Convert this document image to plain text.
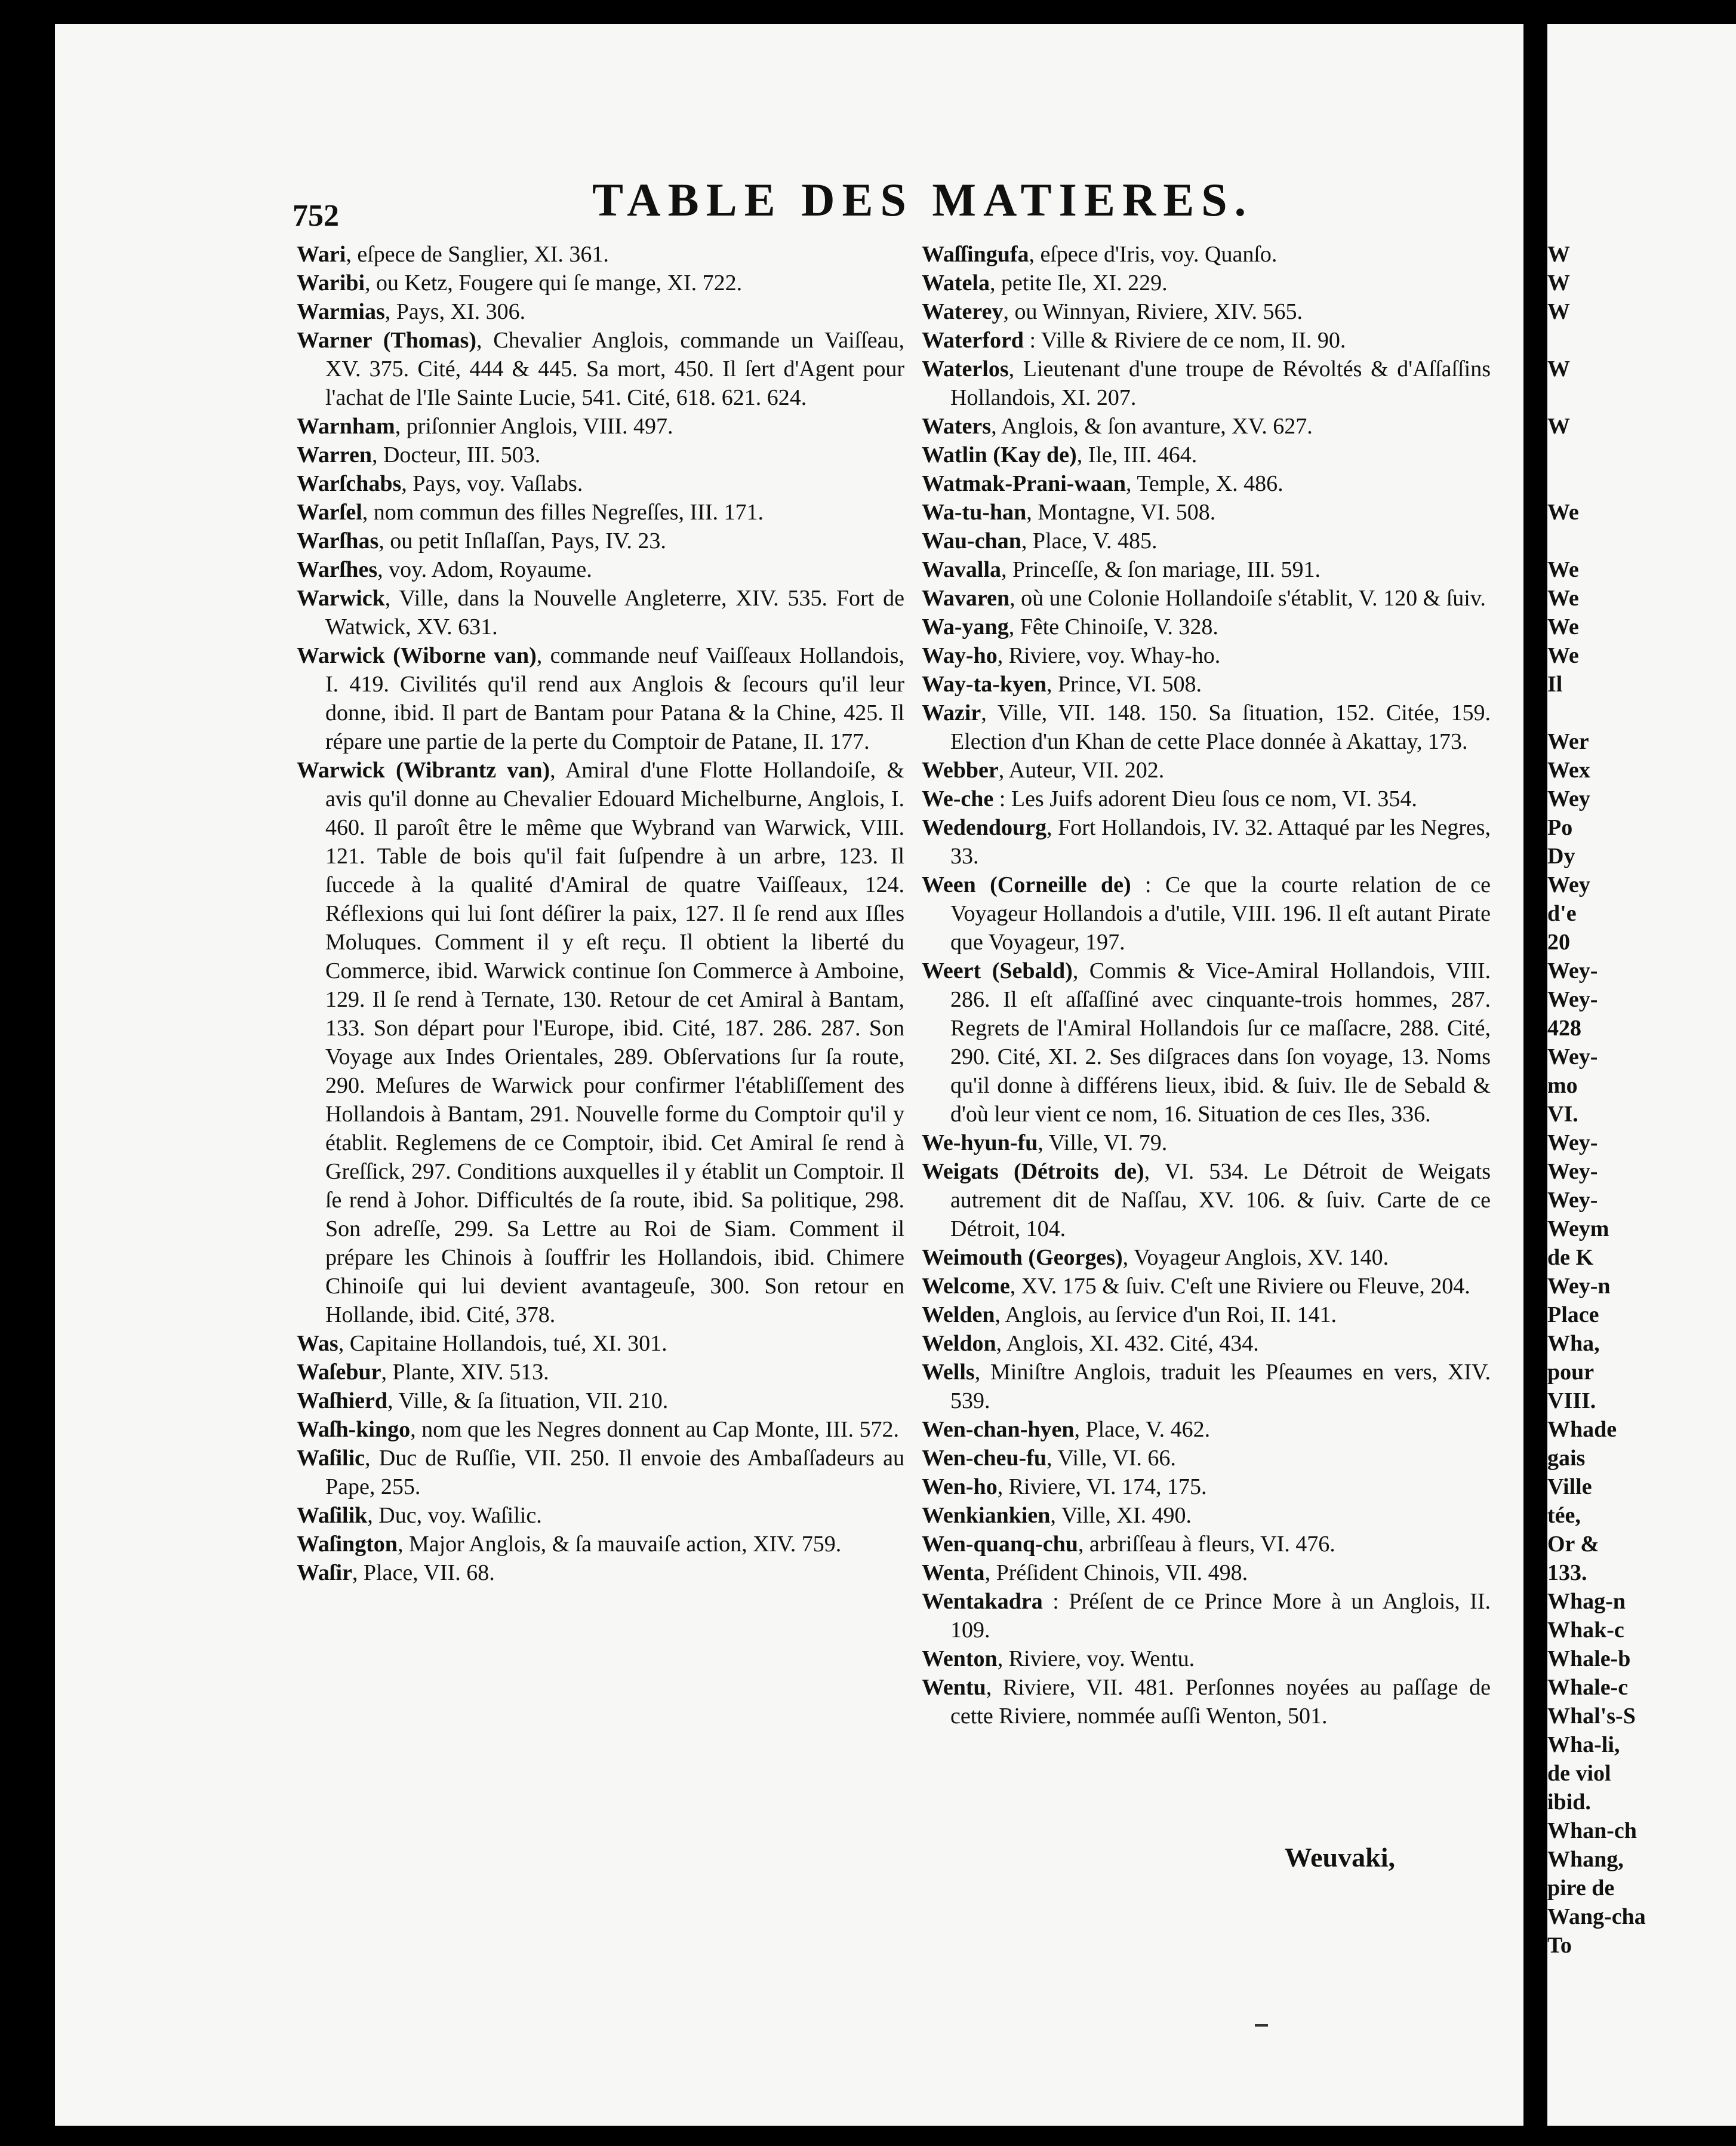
752	TABLE DES MATIERES.
Wari, eſpece de Sanglier, XI. 361.
Waribi, ou Ketz, Fougere qui ſe mange, XI. 722.
Warmias, Pays, XI. 306.
Warner (Thomas), Chevalier Anglois, commande un Vaiſſeau, XV. 375. Cité, 444 & 445. Sa mort, 450. Il ſert d'Agent pour l'achat de l'Ile Sainte Lucie, 541. Cité, 618. 621. 624.
Warnham, priſonnier Anglois, VIII. 497.
Warren, Docteur, III. 503.
Warſchabs, Pays, voy. Vaſlabs.
Warſel, nom commun des filles Negreſſes, III. 171.
Warſhas, ou petit Inſlaſſan, Pays, IV. 23.
Warſhes, voy. Adom, Royaume.
Warwick, Ville, dans la Nouvelle Angleterre, XIV. 535. Fort de Watwick, XV. 631.
Warwick (Wiborne van), commande neuf Vaiſſeaux Hollandois, I. 419. Civilités qu'il rend aux Anglois & ſecours qu'il leur donne, ibid. Il part de Bantam pour Patana & la Chine, 425. Il répare une partie de la perte du Comptoir de Patane, II. 177.
Warwick (Wibrantz van), Amiral d'une Flotte Hollandoiſe, & avis qu'il donne au Chevalier Edouard Michelburne, Anglois, I. 460. Il paroît être le même que Wybrand van Warwick, VIII. 121. Table de bois qu'il fait ſuſpendre à un arbre, 123. Il ſuccede à la qualité d'Amiral de quatre Vaiſſeaux, 124. Réflexions qui lui ſont déſirer la paix, 127. Il ſe rend aux Iſles Moluques. Comment il y eſt reçu. Il obtient la liberté du Commerce, ibid. Warwick continue ſon Commerce à Amboine, 129. Il ſe rend à Ternate, 130. Retour de cet Amiral à Bantam, 133. Son départ pour l'Europe, ibid. Cité, 187. 286. 287. Son Voyage aux Indes Orientales, 289. Obſervations ſur ſa route, 290. Meſures de Warwick pour confirmer l'établiſſement des Hollandois à Bantam, 291. Nouvelle forme du Comptoir qu'il y établit. Reglemens de ce Comptoir, ibid. Cet Amiral ſe rend à Greſſick, 297. Conditions auxquelles il y établit un Comptoir. Il ſe rend à Johor. Difficultés de ſa route, ibid. Sa politique, 298. Son adreſſe, 299. Sa Lettre au Roi de Siam. Comment il prépare les Chinois à ſouffrir les Hollandois, ibid. Chimere Chinoiſe qui lui devient avantageuſe, 300. Son retour en Hollande, ibid. Cité, 378.
Was, Capitaine Hollandois, tué, XI. 301.
Waſebur, Plante, XIV. 513.
Waſhierd, Ville, & ſa ſituation, VII. 210.
Waſh-kingo, nom que les Negres donnent au Cap Monte, III. 572.
Waſilic, Duc de Ruſſie, VII. 250. Il envoie des Ambaſſadeurs au Pape, 255.
Waſilik, Duc, voy. Waſilic.
Waſington, Major Anglois, & ſa mauvaiſe action, XIV. 759.
Waſir, Place, VII. 68.
Waſſingufa, eſpece d'Iris, voy. Quanſo.
Watela, petite Ile, XI. 229.
Waterey, ou Winnyan, Riviere, XIV. 565.
Waterford : Ville & Riviere de ce nom, II. 90.
Waterlos, Lieutenant d'une troupe de Révoltés & d'Aſſaſſins Hollandois, XI. 207.
Waters, Anglois, & ſon avanture, XV. 627.
Watlin (Kay de), Ile, III. 464.
Watmak-Prani-waan, Temple, X. 486.
Wa-tu-han, Montagne, VI. 508.
Wau-chan, Place, V. 485.
Wavalla, Princeſſe, & ſon mariage, III. 591.
Wavaren, où une Colonie Hollandoiſe s'établit, V. 120 & ſuiv.
Wa-yang, Fête Chinoiſe, V. 328.
Way-ho, Riviere, voy. Whay-ho.
Way-ta-kyen, Prince, VI. 508.
Wazir, Ville, VII. 148. 150. Sa ſituation, 152. Citée, 159. Election d'un Khan de cette Place donnée à Akattay, 173.
Webber, Auteur, VII. 202.
We-che : Les Juifs adorent Dieu ſous ce nom, VI. 354.
Wedendourg, Fort Hollandois, IV. 32. Attaqué par les Negres, 33.
Ween (Corneille de) : Ce que la courte relation de ce Voyageur Hollandois a d'utile, VIII. 196. Il eſt autant Pirate que Voyageur, 197.
Weert (Sebald), Commis & Vice-Amiral Hollandois, VIII. 286. Il eſt aſſaſſiné avec cinquante-trois hommes, 287. Regrets de l'Amiral Hollandois ſur ce maſſacre, 288. Cité, 290. Cité, XI. 2. Ses diſgraces dans ſon voyage, 13. Noms qu'il donne à différens lieux, ibid. & ſuiv. Ile de Sebald & d'où leur vient ce nom, 16. Situation de ces Iles, 336.
We-hyun-fu, Ville, VI. 79.
Weigats (Détroits de), VI. 534. Le Détroit de Weigats autrement dit de Naſſau, XV. 106. & ſuiv. Carte de ce Détroit, 104.
Weimouth (Georges), Voyageur Anglois, XV. 140.
Welcome, XV. 175 & ſuiv. C'eſt une Riviere ou Fleuve, 204.
Welden, Anglois, au ſervice d'un Roi, II. 141.
Weldon, Anglois, XI. 432. Cité, 434.
Wells, Miniſtre Anglois, traduit les Pſeaumes en vers, XIV. 539.
Wen-chan-hyen, Place, V. 462.
Wen-cheu-fu, Ville, VI. 66.
Wen-ho, Riviere, VI. 174, 175.
Wenkiankien, Ville, XI. 490.
Wen-quanq-chu, arbriſſeau à fleurs, VI. 476.
Wenta, Préſident Chinois, VII. 498.
Wentakadra : Préſent de ce Prince More à un Anglois, II. 109.
Wenton, Riviere, voy. Wentu.
Wentu, Riviere, VII. 481. Perſonnes noyées au paſſage de cette Riviere, nommée auſſi Wenton, 501.
Weuvaki,
W
W
W

W

W

We

We
We
We
We
Il

Wer
Wex
Wey
Po
Dy
Wey
d'e
20
Wey-
Wey-
428
Wey-
mo
VI.
Wey-
Wey-
Wey-
Weym
de K
Wey-n
Place
Wha,
pour
VIII.
Whade
gais
Ville
tée,
Or &
133.
Whag-n
Whak-c
Whale-b
Whale-c
Whal's-S
Wha-li,
de viol
ibid.
Whan-ch
Whang,
pire de
Wang-cha
To
